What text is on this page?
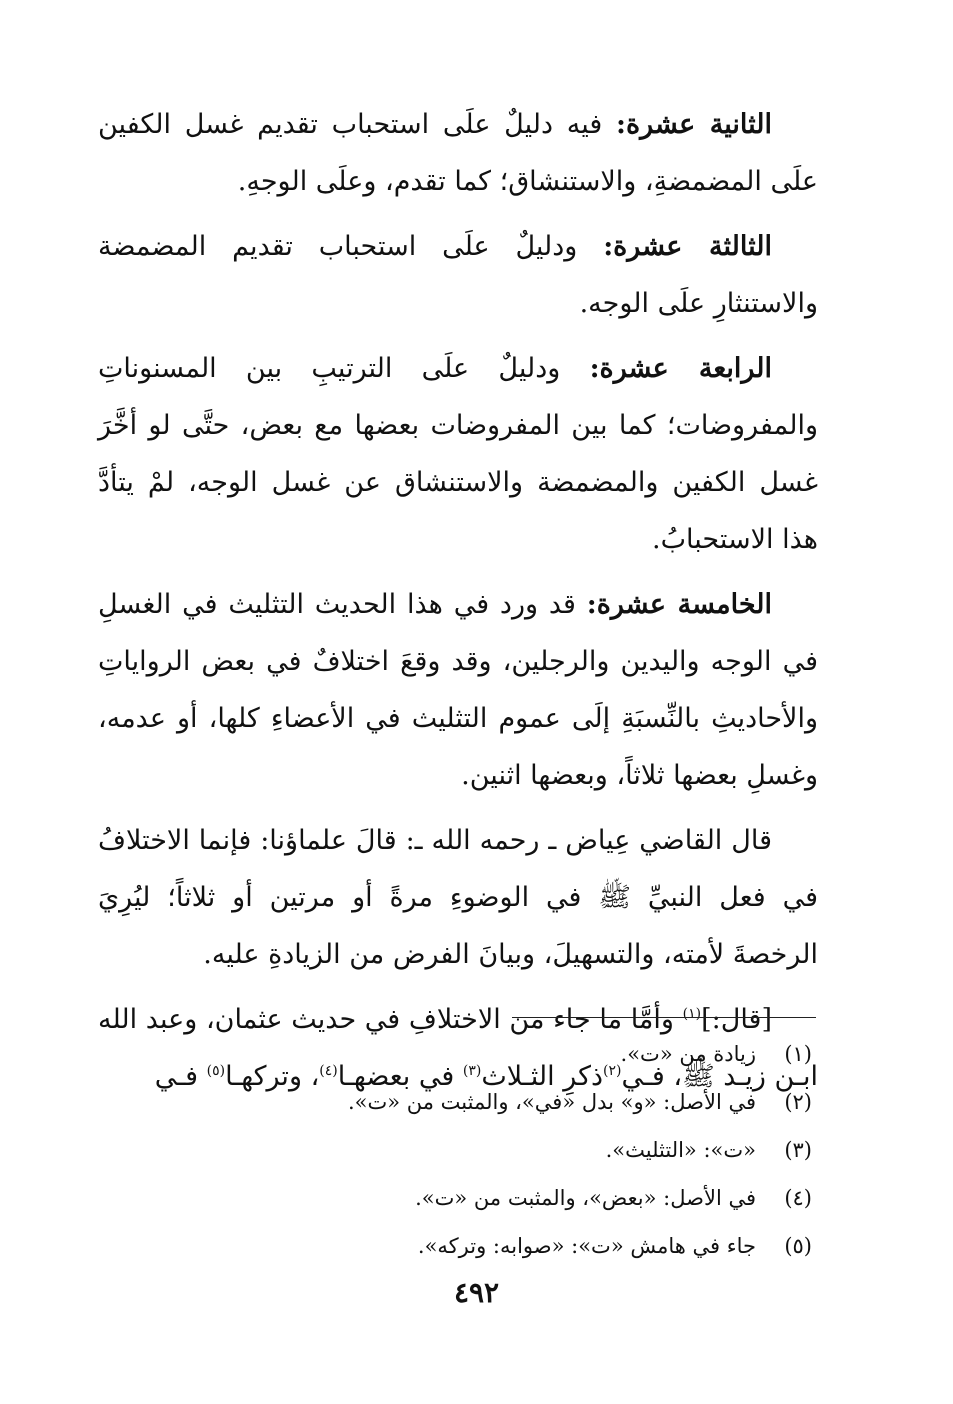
الثانية عشرة: فيه دليلٌ علَى استحباب تقديم غسل الكفين علَى المضمضةِ، والاستنشاق؛ كما تقدم، وعلَى الوجهِ.

الثالثة عشرة: ودليلٌ علَى استحباب تقديم المضمضة والاستنثارِ علَى الوجه.

الرابعة عشرة: ودليلٌ علَى الترتيبِ بين المسنوناتِ والمفروضات؛ كما بين المفروضات بعضها مع بعض، حتَّى لو أخَّرَ غسل الكفين والمضمضة والاستنشاق عن غسل الوجه، لمْ يتأدَّ هذا الاستحبابُ.

الخامسة عشرة: قد ورد في هذا الحديث التثليث في الغسلِ في الوجه واليدين والرجلين، وقد وقعَ اختلافٌ في بعض الرواياتِ والأحاديثِ بالنِّسبَةِ إلَى عموم التثليث في الأعضاءِ كلها، أو عدمه، وغسلِ بعضها ثلاثاً، وبعضها اثنين.

قال القاضي عِياض ـ رحمه الله ـ: قالَ علماؤنا: فإنما الاختلافُ في فعل النبيِّ ﷺ في الوضوءِ مرةً أو مرتين أو ثلاثاً؛ ليُرِيَ الرخصةَ لأمته، والتسهيلَ، وبيانَ الفرض من الزيادةِ عليه.

[قال:]$^{(١)}$ وأمَّا ما جاء من الاختلافِ في حديث عثمان، وعبد الله ابـن زيـد ﷺ، فـي$^{(٢)}$ذكرِ الثـلاث$^{(٣)}$ في بعضهـا$^{(٤)}$، وتركهـا$^{(٥)}$ فـي

(١)زيادة من «ت».
(٢)في الأصل: «و» بدل «في»، والمثبت من «ت».
(٣)«ت»: «التثليث».
(٤)في الأصل: «بعض»، والمثبت من «ت».
(٥)جاء في هامش «ت»: «صوابه: وتركه».
٤٩٢
